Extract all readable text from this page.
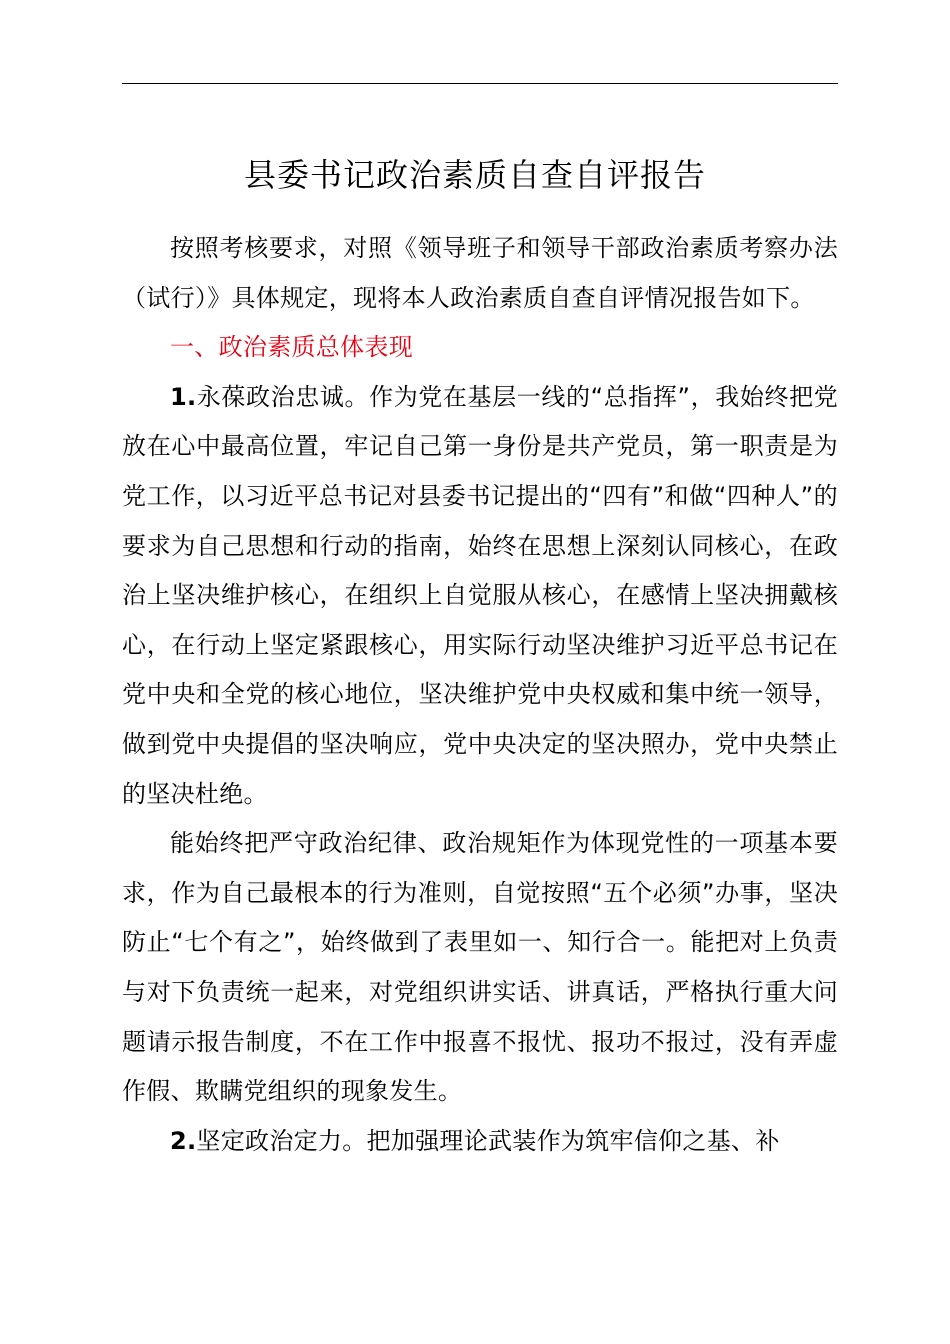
县委书记政治素质自查自评报告

按照考核要求，对照《领导班子和领导干部政治素质考察办法（试行）》具体规定，现将本人政治素质自查自评情况报告如下。

一、政治素质总体表现

1.永葆政治忠诚。作为党在基层一线的“总指挥”，我始终把党放在心中最高位置，牢记自己第一身份是共产党员，第一职责是为党工作，以习近平总书记对县委书记提出的“四有”和做“四种人”的要求为自己思想和行动的指南，始终在思想上深刻认同核心，在政治上坚决维护核心，在组织上自觉服从核心，在感情上坚决拥戴核心，在行动上坚定紧跟核心，用实际行动坚决维护习近平总书记在党中央和全党的核心地位，坚决维护党中央权威和集中统一领导，做到党中央提倡的坚决响应，党中央决定的坚决照办，党中央禁止的坚决杜绝。

能始终把严守政治纪律、政治规矩作为体现党性的一项基本要求，作为自己最根本的行为准则，自觉按照“五个必须”办事，坚决防止“七个有之”，始终做到了表里如一、知行合一。能把对上负责与对下负责统一起来，对党组织讲实话、讲真话，严格执行重大问题请示报告制度，不在工作中报喜不报忧、报功不报过，没有弄虚作假、欺瞒党组织的现象发生。

2.坚定政治定力。把加强理论武装作为筑牢信仰之基、补
